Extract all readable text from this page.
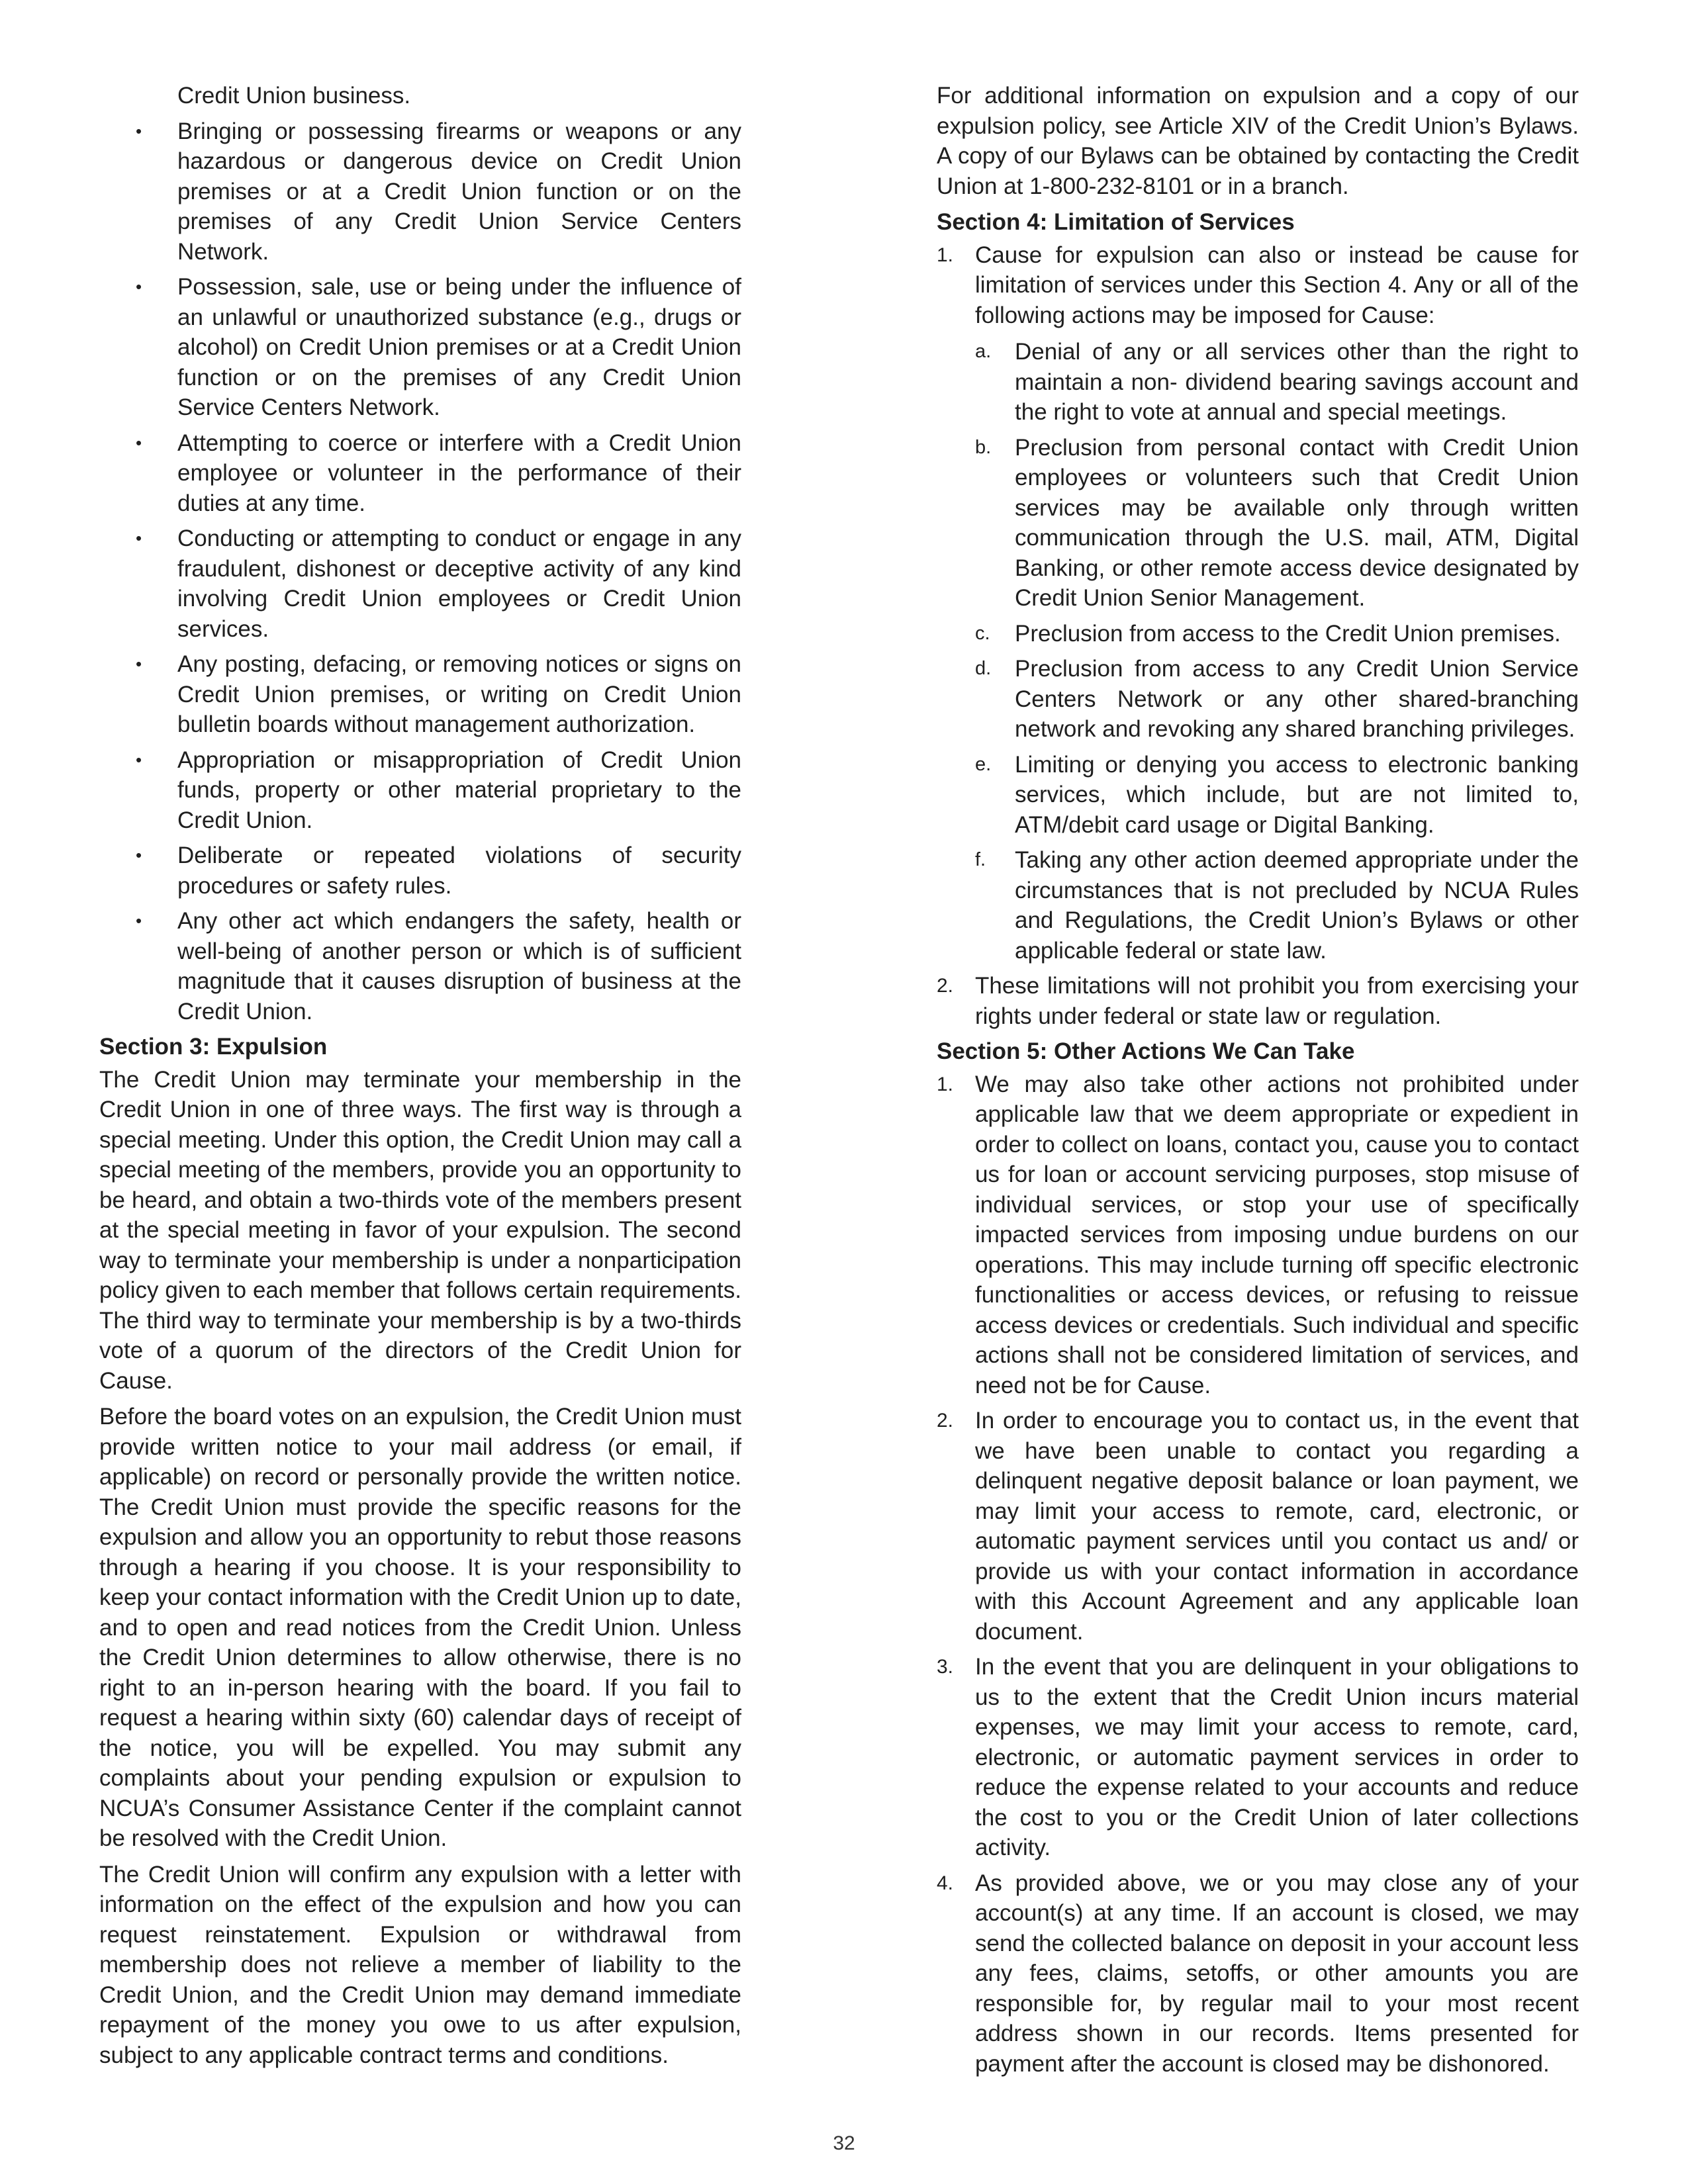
Credit Union business.

• Bringing or possessing firearms or weapons or any hazardous or dangerous device on Credit Union premises or at a Credit Union function or on the premises of any Credit Union Service Centers Network.
• Possession, sale, use or being under the influence of an unlawful or unauthorized substance (e.g., drugs or alcohol) on Credit Union premises or at a Credit Union function or on the premises of any Credit Union Service Centers Network.
• Attempting to coerce or interfere with a Credit Union employee or volunteer in the performance of their duties at any time.
• Conducting or attempting to conduct or engage in any fraudulent, dishonest or deceptive activity of any kind involving Credit Union employees or Credit Union services.
• Any posting, defacing, or removing notices or signs on Credit Union premises, or writing on Credit Union bulletin boards without management authorization.
• Appropriation or misappropriation of Credit Union funds, property or other material proprietary to the Credit Union.
• Deliberate or repeated violations of security procedures or safety rules.
• Any other act which endangers the safety, health or well-being of another person or which is of sufficient magnitude that it causes disruption of business at the Credit Union.
Section 3: Expulsion

The Credit Union may terminate your membership in the Credit Union in one of three ways. The first way is through a special meeting. Under this option, the Credit Union may call a special meeting of the members, provide you an opportunity to be heard, and obtain a two-thirds vote of the members present at the special meeting in favor of your expulsion. The second way to terminate your membership is under a nonparticipation policy given to each member that follows certain requirements. The third way to terminate your membership is by a two-thirds vote of a quorum of the directors of the Credit Union for Cause.

Before the board votes on an expulsion, the Credit Union must provide written notice to your mail address (or email, if applicable) on record or personally provide the written notice. The Credit Union must provide the specific reasons for the expulsion and allow you an opportunity to rebut those reasons through a hearing if you choose. It is your responsibility to keep your contact information with the Credit Union up to date, and to open and read notices from the Credit Union. Unless the Credit Union determines to allow otherwise, there is no right to an in-person hearing with the board. If you fail to request a hearing within sixty (60) calendar days of receipt of the notice, you will be expelled. You may submit any complaints about your pending expulsion or expulsion to NCUA’s Consumer Assistance Center if the complaint cannot be resolved with the Credit Union.

The Credit Union will confirm any expulsion with a letter with information on the effect of the expulsion and how you can request reinstatement. Expulsion or withdrawal from membership does not relieve a member of liability to the Credit Union, and the Credit Union may demand immediate repayment of the money you owe to us after expulsion, subject to any applicable contract terms and conditions.

For additional information on expulsion and a copy of our expulsion policy, see Article XIV of the Credit Union’s Bylaws. A copy of our Bylaws can be obtained by contacting the Credit Union at 1-800-232-8101 or in a branch.

Section 4: Limitation of Services
1. Cause for expulsion can also or instead be cause for limitation of services under this Section 4. Any or all of the following actions may be imposed for Cause:
a. Denial of any or all services other than the right to maintain a non- dividend bearing savings account and the right to vote at annual and special meetings.
b. Preclusion from personal contact with Credit Union employees or volunteers such that Credit Union services may be available only through written communication through the U.S. mail, ATM, Digital Banking, or other remote access device designated by Credit Union Senior Management.
c. Preclusion from access to the Credit Union premises.
d. Preclusion from access to any Credit Union Service Centers Network or any other shared-branching network and revoking any shared branching privileges.
e. Limiting or denying you access to electronic banking services, which include, but are not limited to, ATM/debit card usage or Digital Banking.
f. Taking any other action deemed appropriate under the circumstances that is not precluded by NCUA Rules and Regulations, the Credit Union’s Bylaws or other applicable federal or state law.
2. These limitations will not prohibit you from exercising your rights under federal or state law or regulation.
Section 5: Other Actions We Can Take
1. We may also take other actions not prohibited under applicable law that we deem appropriate or expedient in order to collect on loans, contact you, cause you to contact us for loan or account servicing purposes, stop misuse of individual services, or stop your use of specifically impacted services from imposing undue burdens on our operations. This may include turning off specific electronic functionalities or access devices, or refusing to reissue access devices or credentials. Such individual and specific actions shall not be considered limitation of services, and need not be for Cause.
2. In order to encourage you to contact us, in the event that we have been unable to contact you regarding a delinquent negative deposit balance or loan payment, we may limit your access to remote, card, electronic, or automatic payment services until you contact us and/ or provide us with your contact information in accordance with this Account Agreement and any applicable loan document.
3. In the event that you are delinquent in your obligations to us to the extent that the Credit Union incurs material expenses, we may limit your access to remote, card, electronic, or automatic payment services in order to reduce the expense related to your accounts and reduce the cost to you or the Credit Union of later collections activity.
4. As provided above, we or you may close any of your account(s) at any time. If an account is closed, we may send the collected balance on deposit in your account less any fees, claims, setoffs, or other amounts you are responsible for, by regular mail to your most recent address shown in our records. Items presented for payment after the account is closed may be dishonored.
32
